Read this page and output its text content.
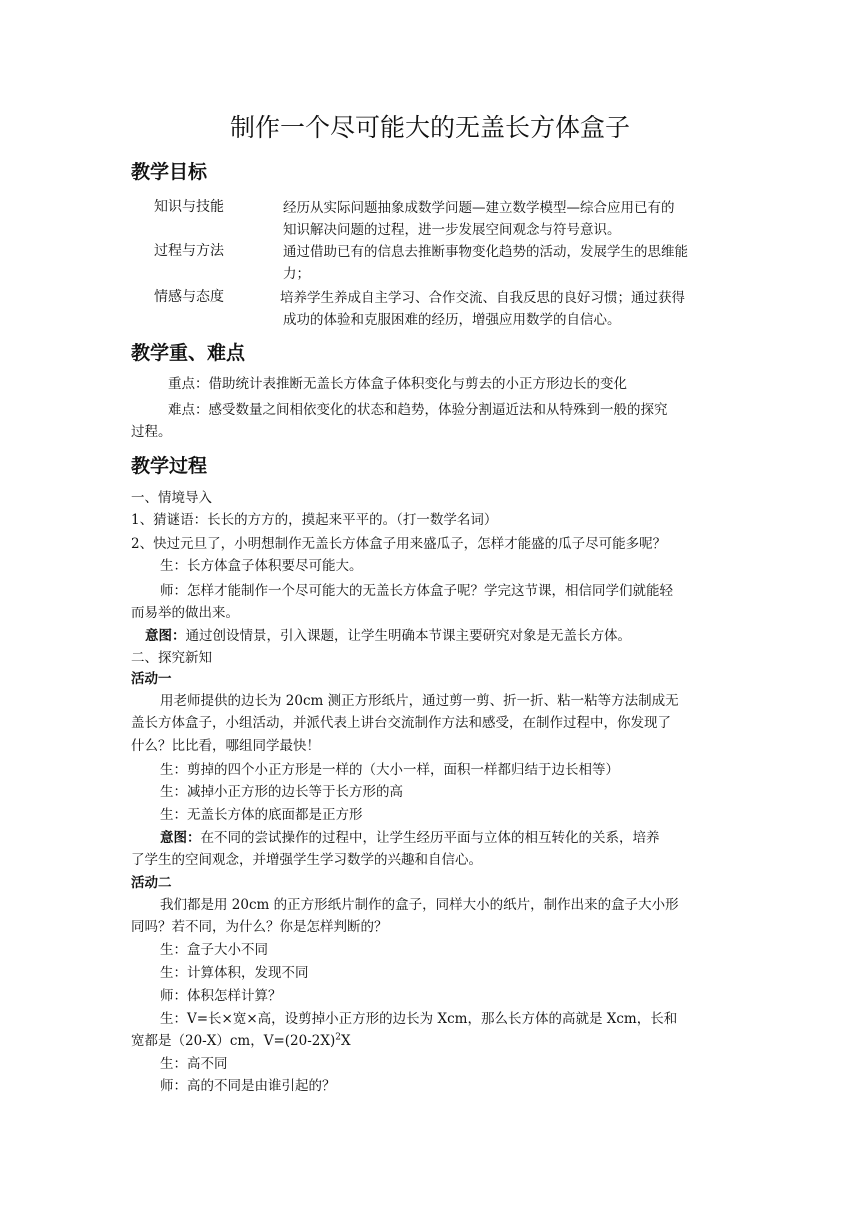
制作一个尽可能大的无盖长方体盒子
教学目标
知识与技能	经历从实际问题抽象成数学问题—建立数学模型—综合应用已有的
知识解决问题的过程，进一步发展空间观念与符号意识。
过程与方法	通过借助已有的信息去推断事物变化趋势的活动，发展学生的思维能
力；
情感与态度	培养学生养成自主学习、合作交流、自我反思的良好习惯；通过获得
成功的体验和克服困难的经历，增强应用数学的自信心。
教学重、难点
重点：借助统计表推断无盖长方体盒子体积变化与剪去的小正方形边长的变化
难点：感受数量之间相依变化的状态和趋势，体验分割逼近法和从特殊到一般的探究
过程。
教学过程
一、情境导入
1、猜谜语：长长的方方的，摸起来平平的。（打一数学名词）
2、快过元旦了，小明想制作无盖长方体盒子用来盛瓜子，怎样才能盛的瓜子尽可能多呢？
生：长方体盒子体积要尽可能大。
师：怎样才能制作一个尽可能大的无盖长方体盒子呢？学完这节课，相信同学们就能轻
而易举的做出来。
意图：通过创设情景，引入课题，让学生明确本节课主要研究对象是无盖长方体。
二、探究新知
活动一
用老师提供的边长为 20cm 测正方形纸片，通过剪一剪、折一折、粘一粘等方法制成无
盖长方体盒子，小组活动，并派代表上讲台交流制作方法和感受，在制作过程中，你发现了
什么？比比看，哪组同学最快！
生：剪掉的四个小正方形是一样的（大小一样，面积一样都归结于边长相等）
生：减掉小正方形的边长等于长方形的高
生：无盖长方体的底面都是正方形
意图：在不同的尝试操作的过程中，让学生经历平面与立体的相互转化的关系，培养
了学生的空间观念，并增强学生学习数学的兴趣和自信心。
活动二
我们都是用 20cm 的正方形纸片制作的盒子，同样大小的纸片，制作出来的盒子大小形
同吗？若不同，为什么？你是怎样判断的？
生：盒子大小不同
生：计算体积，发现不同
师：体积怎样计算？
生：V=长×宽×高，设剪掉小正方形的边长为 Xcm，那么长方体的高就是 Xcm，长和
宽都是（20-X）cm，$V=(20-2X)^2X$
生：高不同
师：高的不同是由谁引起的？
